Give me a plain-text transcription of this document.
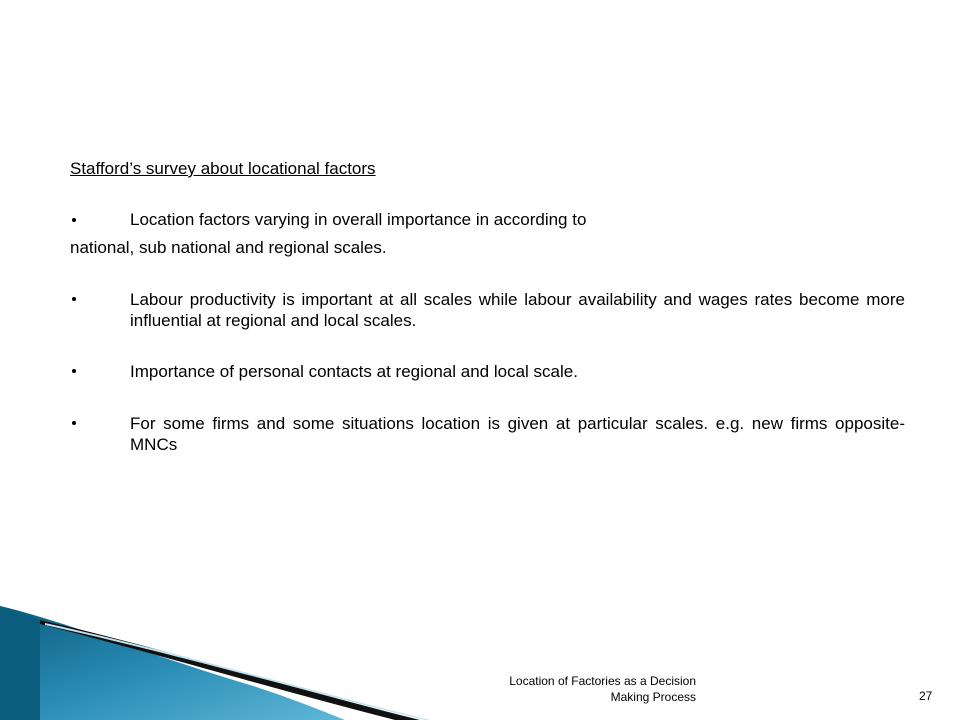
Stafford’s survey about locational factors
Location factors varying in overall importance in according to
national, sub national and regional scales.
Labour productivity is important at all scales while labour availability and wages rates become more influential at regional and local scales.
Importance of personal contacts at regional and local scale.
For some firms and some situations location is given at particular scales. e.g. new firms opposite-MNCs
Location of Factories as a Decision
Making Process	27
